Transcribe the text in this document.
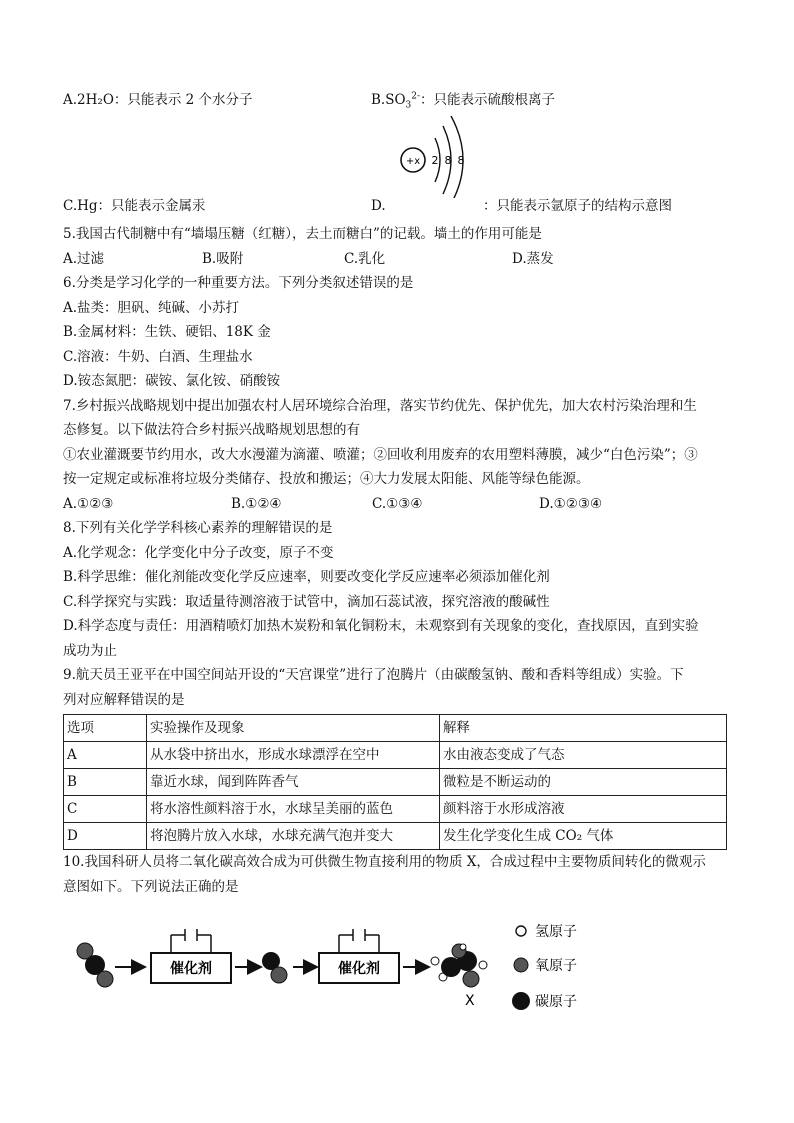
A.2H₂O：只能表示 2 个水分子	$B.SO_3^{2-}$：只能表示硫酸根离子
+x 2 8 8
C.Hg：只能表示金属汞	D.	：只能表示氩原子的结构示意图
5.我国古代制糖中有“墙塌压糖（红糖），去土而糖白”的记载。墙土的作用可能是
A.过滤	B.吸附	C.乳化	D.蒸发
6.分类是学习化学的一种重要方法。下列分类叙述错误的是
A.盐类：胆矾、纯碱、小苏打
B.金属材料：生铁、硬铝、18K 金
C.溶液：牛奶、白酒、生理盐水
D.铵态氮肥：碳铵、氯化铵、硝酸铵
7.乡村振兴战略规划中提出加强农村人居环境综合治理，落实节约优先、保护优先，加大农村污染治理和生
态修复。以下做法符合乡村振兴战略规划思想的有
①农业灌溉要节约用水，改大水漫灌为滴灌、喷灌；②回收利用废弃的农用塑料薄膜，减少“白色污染”；③
按一定规定或标准将垃圾分类储存、投放和搬运；④大力发展太阳能、风能等绿色能源。
A.①②③	B.①②④	C.①③④	D.①②③④
8.下列有关化学学科核心素养的理解错误的是
A.化学观念：化学变化中分子改变，原子不变
B.科学思维：催化剂能改变化学反应速率，则要改变化学反应速率必须添加催化剂
C.科学探究与实践：取适量待测溶液于试管中，滴加石蕊试液，探究溶液的酸碱性
D.科学态度与责任：用酒精喷灯加热木炭粉和氧化铜粉末，未观察到有关现象的变化，查找原因，直到实验
成功为止
9.航天员王亚平在中国空间站开设的“天宫课堂”进行了泡腾片（由碳酸氢钠、酸和香料等组成）实验。下
列对应解释错误的是
选项	实验操作及现象	解释
A	从水袋中挤出水，形成水球漂浮在空中	水由液态变成了气态
B	靠近水球，闻到阵阵香气	微粒是不断运动的
C	将水溶性颜料溶于水，水球呈美丽的蓝色	颜料溶于水形成溶液
D	将泡腾片放入水球，水球充满气泡并变大	发生化学变化生成 CO₂ 气体
10.我国科研人员将二氧化碳高效合成为可供微生物直接利用的物质 X，合成过程中主要物质间转化的微观示
意图如下。下列说法正确的是
催化剂	催化剂
X
氢原子
氧原子
碳原子
